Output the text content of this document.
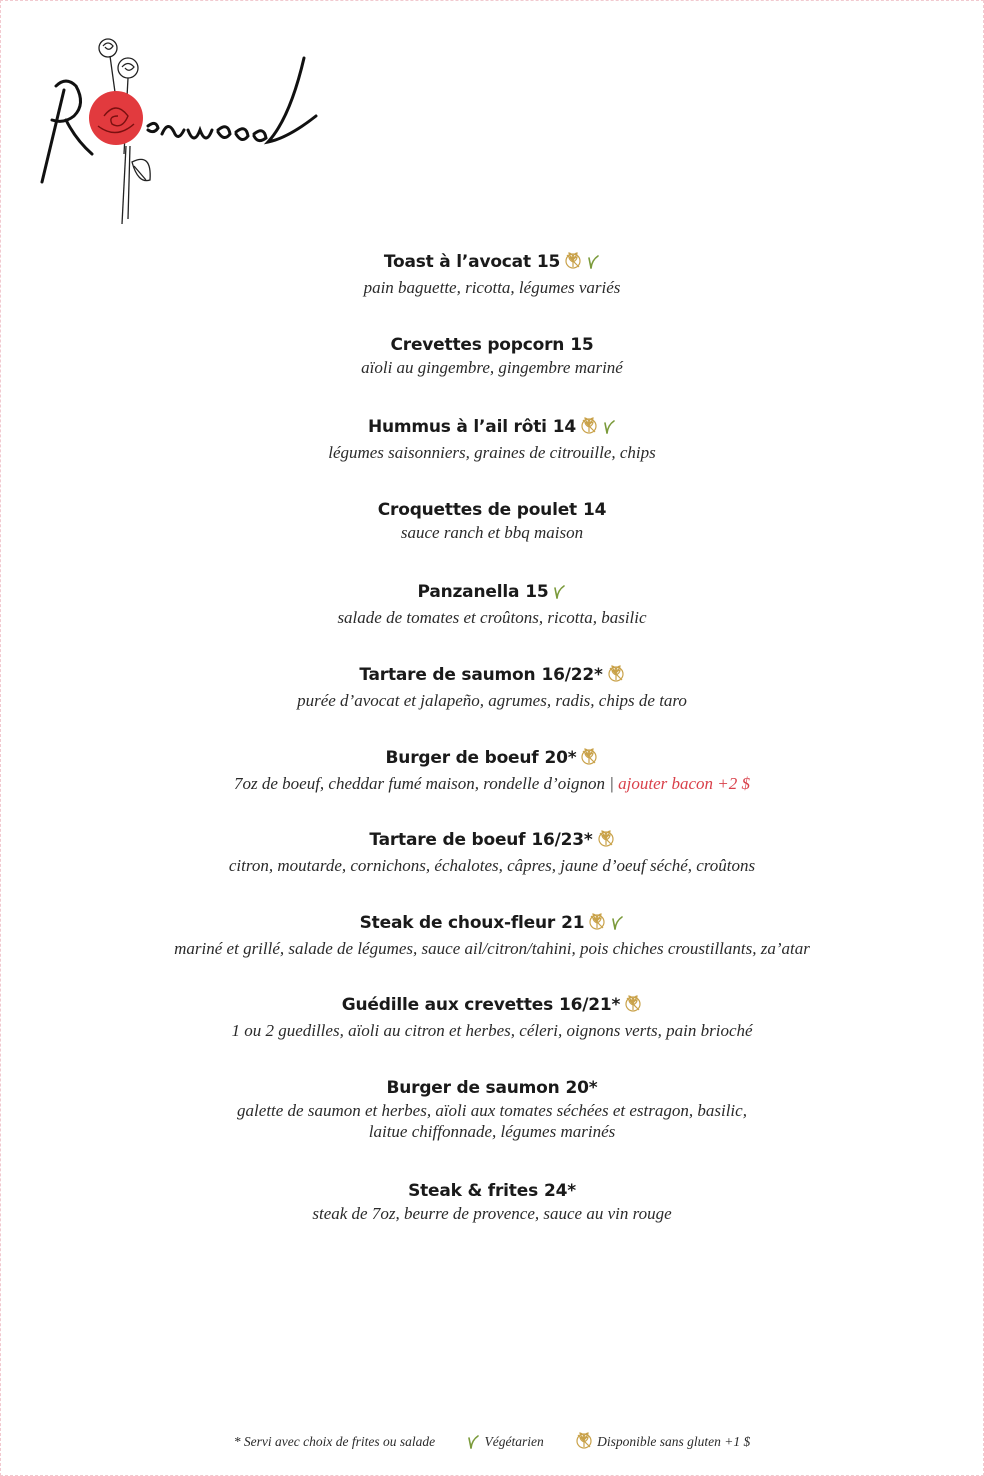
Toast à l’avocat 15
pain baguette, ricotta, légumes variés
Crevettes popcorn 15
aïoli au gingembre, gingembre mariné
Hummus à l’ail rôti 14
légumes saisonniers, graines de citrouille, chips
Croquettes de poulet 14
sauce ranch et bbq maison
Panzanella 15
salade de tomates et croûtons, ricotta, basilic
Tartare de saumon 16/22*
purée d’avocat et jalapeño, agrumes, radis, chips de taro
Burger de boeuf 20*
7oz de boeuf, cheddar fumé maison, rondelle d’oignon | ajouter bacon +2 $
Tartare de boeuf 16/23*
citron, moutarde, cornichons, échalotes, câpres, jaune d’oeuf séché, croûtons
Steak de choux-fleur 21
mariné et grillé, salade de légumes, sauce ail/citron/tahini, pois chiches croustillants, za’atar
Guédille aux crevettes 16/21*
1 ou 2 guedilles, aïoli au citron et herbes, céleri, oignons verts, pain brioché
Burger de saumon 20*
galette de saumon et herbes, aïoli aux tomates séchées et estragon, basilic,
laitue chiffonnade, légumes marinés
Steak & frites 24*
steak de 7oz, beurre de provence, sauce au vin rouge
* Servi avec choix de frites ou salade	Végétarien	Disponible sans gluten +1 $
